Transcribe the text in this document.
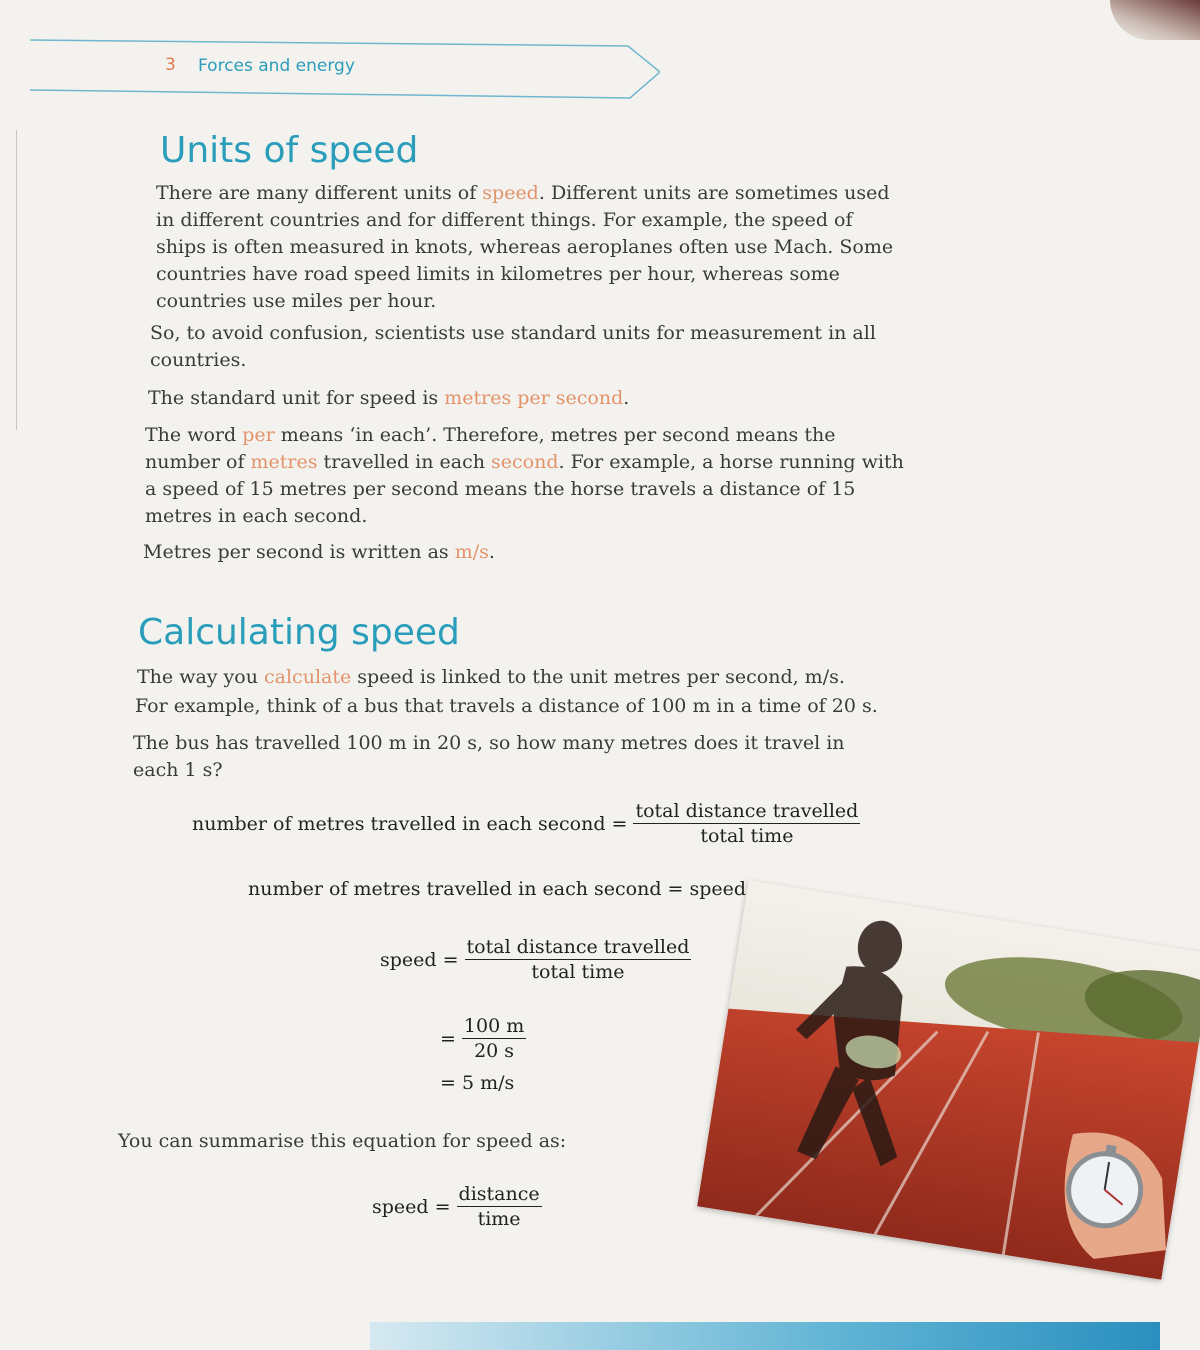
3 Forces and energy
Units of speed

There are many different units of speed. Different units are sometimes used in different countries and for different things. For example, the speed of ships is often measured in knots, whereas aeroplanes often use Mach. Some countries have road speed limits in kilometres per hour, whereas some countries use miles per hour.

So, to avoid confusion, scientists use standard units for measurement in all countries.

The standard unit for speed is metres per second.

The word per means ‘in each’. Therefore, metres per second means the number of metres travelled in each second. For example, a horse running with a speed of 15 metres per second means the horse travels a distance of 15 metres in each second.

Metres per second is written as m/s.

Calculating speed

The way you calculate speed is linked to the unit metres per second, m/s.

For example, think of a bus that travels a distance of 100 m in a time of 20 s.

The bus has travelled 100 m in 20 s, so how many metres does it travel in each 1 s?

number of metres travelled in each second = $\frac{\text{total distance travelled}}{\text{total time}}$
number of metres travelled in each second = speed
speed = $\frac{\text{total distance travelled}}{\text{total time}}$
= $\frac{100 m}{20 s}$
= 5 m/s

You can summarise this equation for speed as:

speed = $\frac{\text{distance}}{\text{time}}$
